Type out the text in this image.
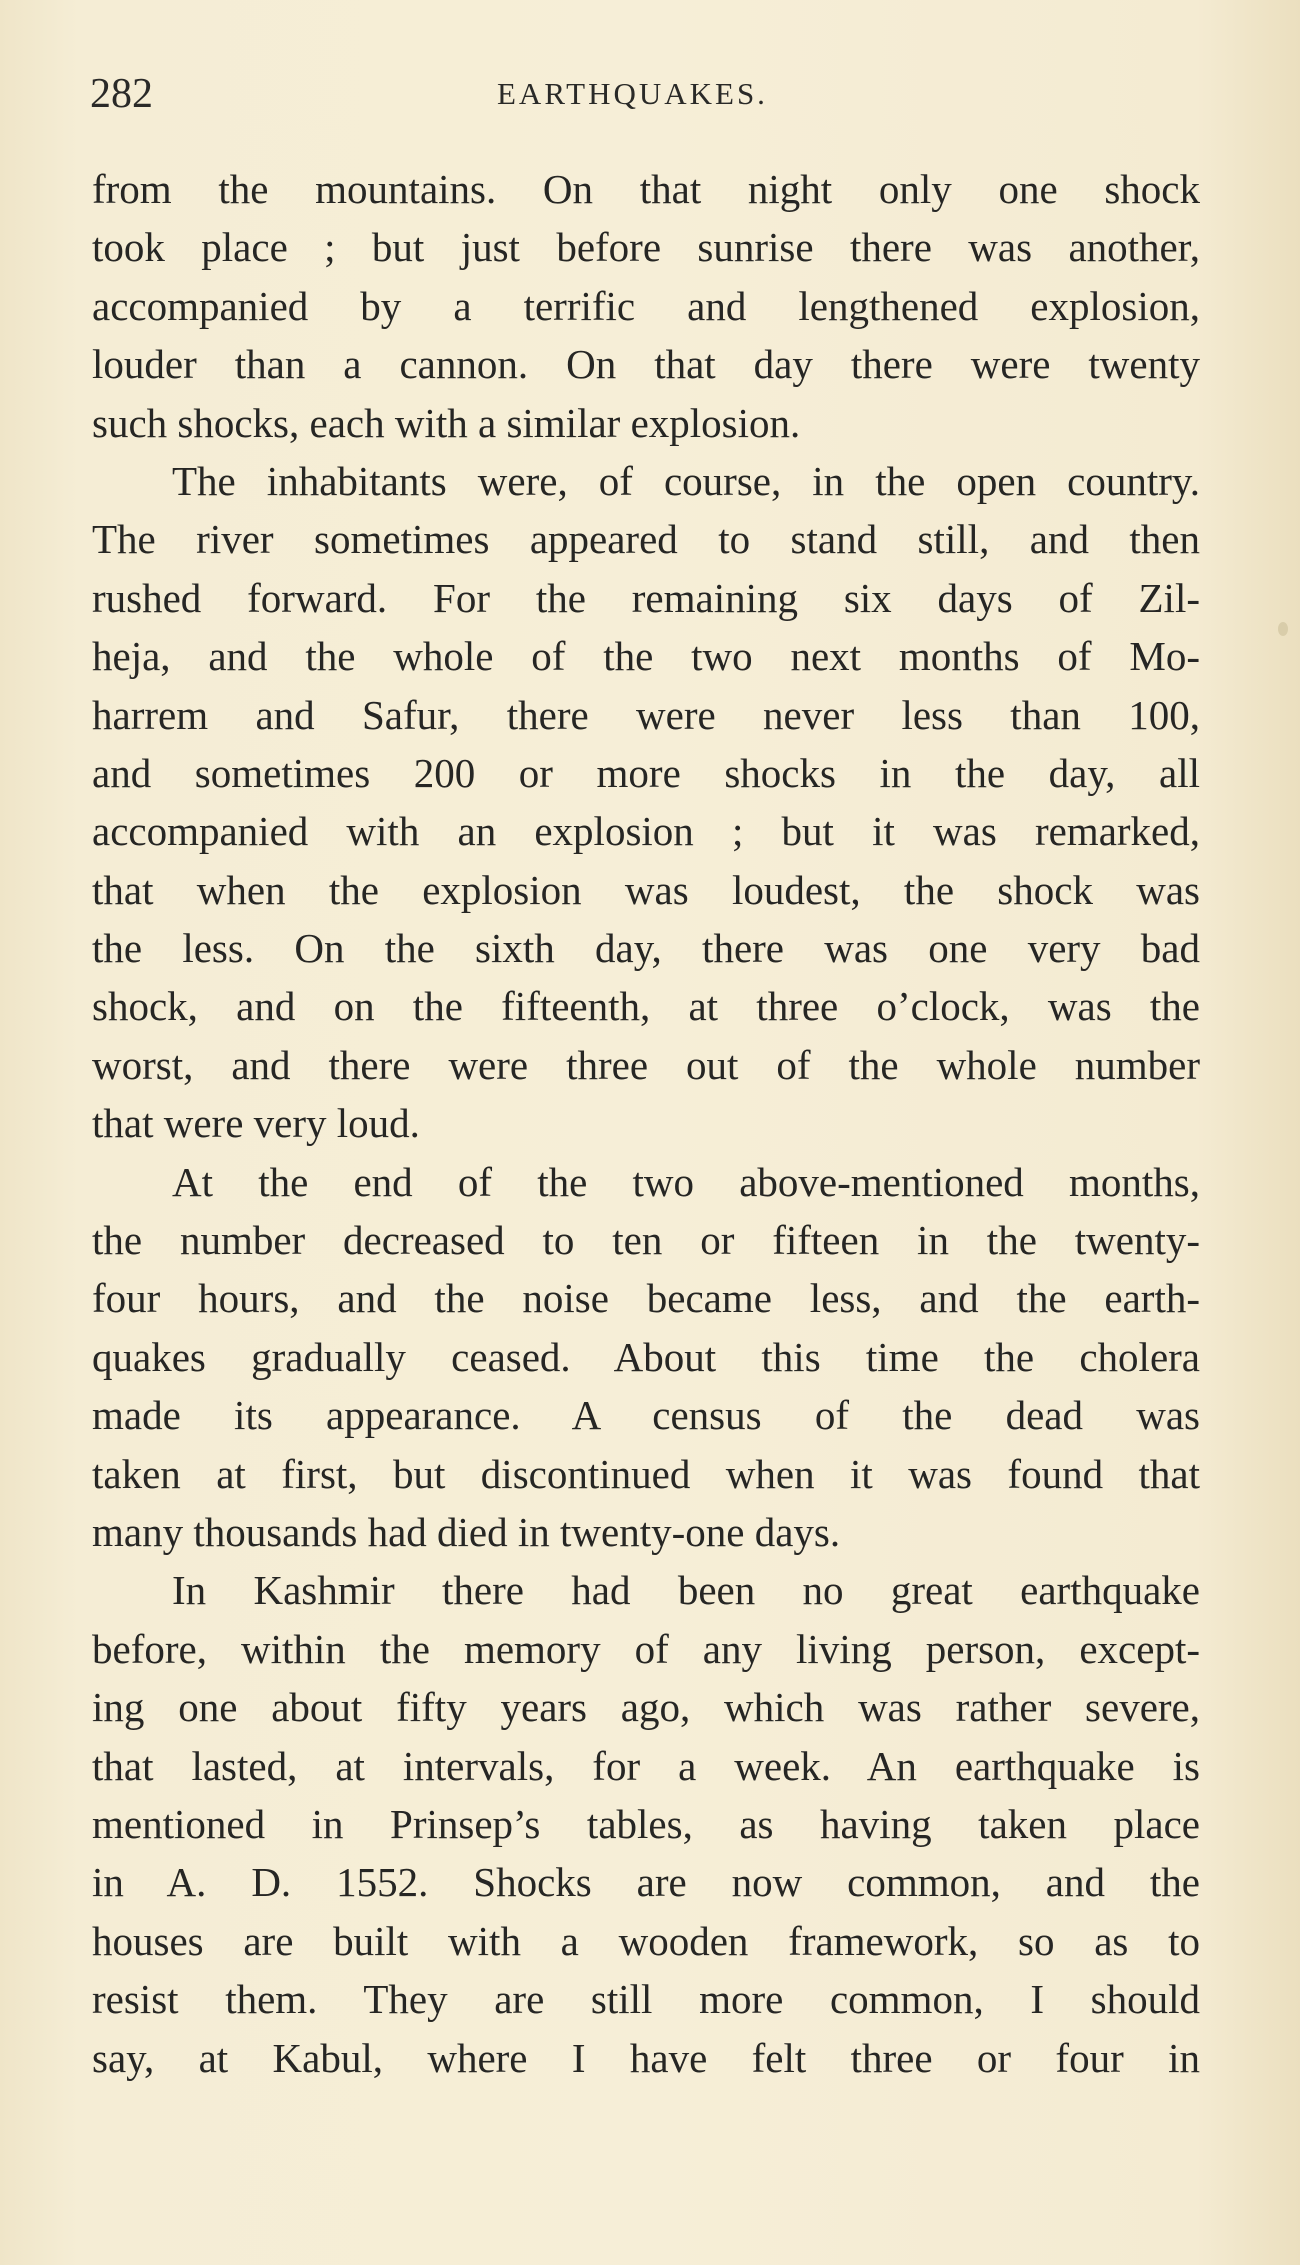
282	EARTHQUAKES.
from the mountains. On that night only one shock
took place ; but just before sunrise there was another,
accompanied by a terrific and lengthened explosion,
louder than a cannon. On that day there were twenty
such shocks, each with a similar explosion.
The inhabitants were, of course, in the open country.
The river sometimes appeared to stand still, and then
rushed forward. For the remaining six days of Zil-
heja, and the whole of the two next months of Mo-
harrem and Safur, there were never less than 100,
and sometimes 200 or more shocks in the day, all
accompanied with an explosion ; but it was remarked,
that when the explosion was loudest, the shock was
the less. On the sixth day, there was one very bad
shock, and on the fifteenth, at three o’clock, was the
worst, and there were three out of the whole number
that were very loud.
At the end of the two above-mentioned months,
the number decreased to ten or fifteen in the twenty-
four hours, and the noise became less, and the earth-
quakes gradually ceased. About this time the cholera
made its appearance. A census of the dead was
taken at first, but discontinued when it was found that
many thousands had died in twenty-one days.
In Kashmir there had been no great earthquake
before, within the memory of any living person, except-
ing one about fifty years ago, which was rather severe,
that lasted, at intervals, for a week. An earthquake is
mentioned in Prinsep’s tables, as having taken place
in A. D. 1552. Shocks are now common, and the
houses are built with a wooden framework, so as to
resist them. They are still more common, I should
say, at Kabul, where I have felt three or four in
